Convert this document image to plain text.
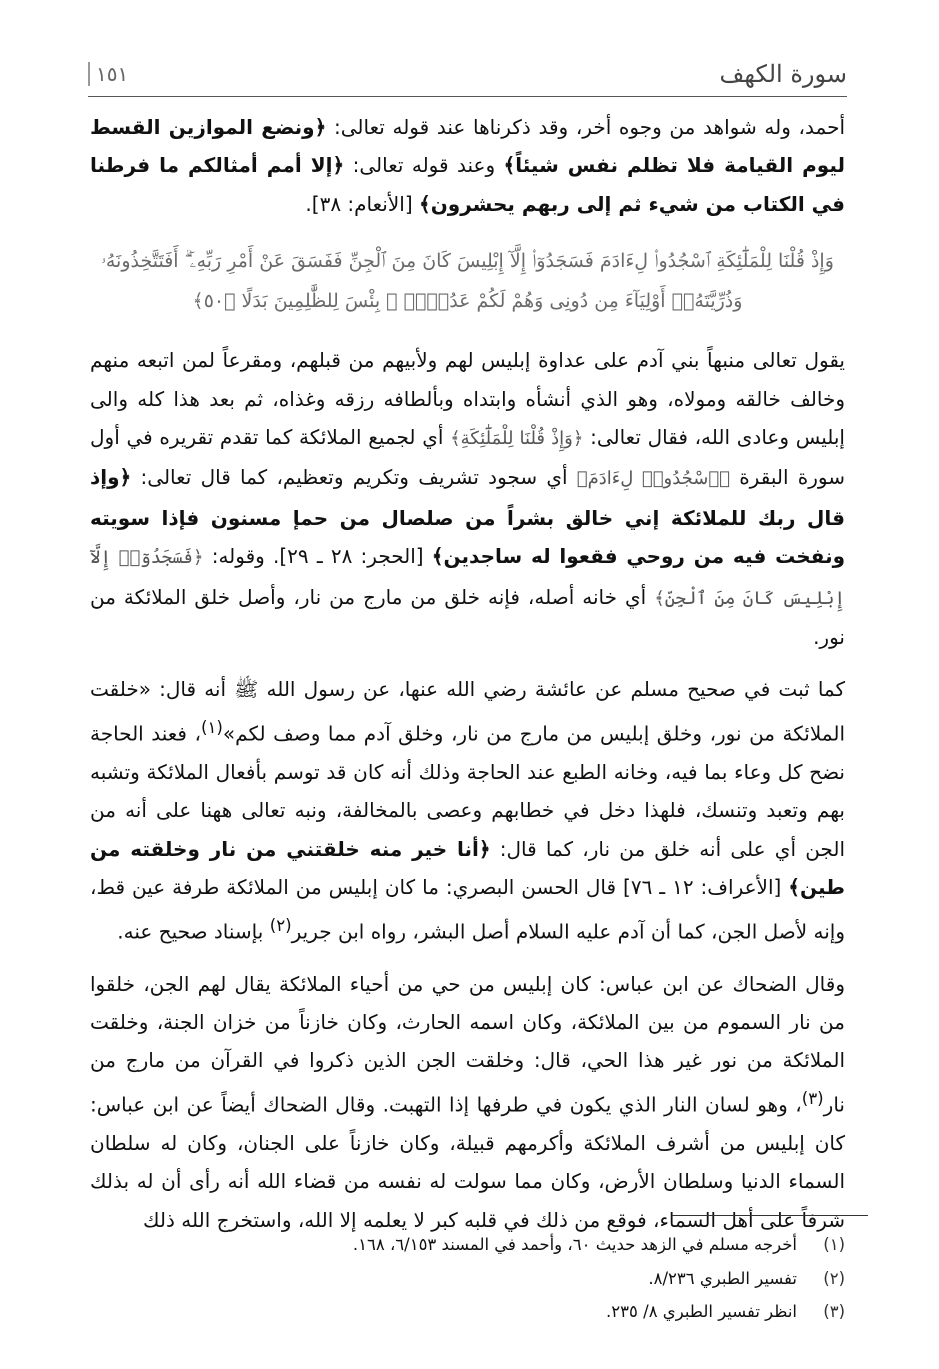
سورة الكهف
١٥١

أحمد، وله شواهد من وجوه أخر، وقد ذكرناها عند قوله تعالى: ﴿ونضع الموازين القسط ليوم القيامة فلا تظلم نفس شيئاً﴾ وعند قوله تعالى: ﴿إلا أمم أمثالكم ما فرطنا في الكتاب من شيء ثم إلى ربهم يحشرون﴾ [الأنعام: ٣٨].

وَإِذْ قُلْنَا لِلْمَلَٰٓئِكَةِ ٱسْجُدُوا۟ لِءَادَمَ فَسَجَدُوٓا۟ إِلَّآ إِبْلِيسَ كَانَ مِنَ ٱلْجِنِّ فَفَسَقَ عَنْ أَمْرِ رَبِّهِۦٓ ۗ أَفَتَتَّخِذُونَهُۥ
وَذُرِّيَّتَهُۥٓ أَوْلِيَآءَ مِن دُونِى وَهُمْ لَكُمْ عَدُوٌّۢ ۚ بِئْسَ لِلظَّٰلِمِينَ بَدَلًا ﴿٥٠﴾

يقول تعالى منبهاً بني آدم على عداوة إبليس لهم ولأبيهم من قبلهم، ومقرعاً لمن اتبعه منهم وخالف خالقه ومولاه، وهو الذي أنشأه وابتداه وبألطافه رزقه وغذاه، ثم بعد هذا كله والى إبليس وعادى الله، فقال تعالى: ﴿وَإِذْ قُلْنَا لِلْمَلَٰٓئِكَةِ﴾ أي لجميع الملائكة كما تقدم تقريره في أول سورة البقرة ﴿ٱسْجُدُوا۟ لِءَادَمَ﴾ أي سجود تشريف وتكريم وتعظيم، كما قال تعالى: ﴿وإذ قال ربك للملائكة إني خالق بشراً من صلصال من حمإ مسنون فإذا سويته ونفخت فيه من روحي فقعوا له ساجدين﴾ [الحجر: ٢٨ ـ ٢٩]. وقوله: ﴿فَسَجَدُوٓا۟ إِلَّآ إِبْلِيسَ كَانَ مِنَ ٱلْجِنِّ﴾ أي خانه أصله، فإنه خلق من مارج من نار، وأصل خلق الملائكة من نور.

كما ثبت في صحيح مسلم عن عائشة رضي الله عنها، عن رسول الله ﷺ أنه قال: «خلقت الملائكة من نور، وخلق إبليس من مارج من نار، وخلق آدم مما وصف لكم»$^{(١)}$، فعند الحاجة نضح كل وعاء بما فيه، وخانه الطبع عند الحاجة وذلك أنه كان قد توسم بأفعال الملائكة وتشبه بهم وتعبد وتنسك، فلهذا دخل في خطابهم وعصى بالمخالفة، ونبه تعالى ههنا على أنه من الجن أي على أنه خلق من نار، كما قال: ﴿أنا خير منه خلقتني من نار وخلقته من طين﴾ [الأعراف: ١٢ ـ ٧٦] قال الحسن البصري: ما كان إبليس من الملائكة طرفة عين قط، وإنه لأصل الجن، كما أن آدم عليه السلام أصل البشر، رواه ابن جرير$^{(٢)}$ بإسناد صحيح عنه.

وقال الضحاك عن ابن عباس: كان إبليس من حي من أحياء الملائكة يقال لهم الجن، خلقوا من نار السموم من بين الملائكة، وكان اسمه الحارث، وكان خازناً من خزان الجنة، وخلقت الملائكة من نور غير هذا الحي، قال: وخلقت الجن الذين ذكروا في القرآن من مارج من نار$^{(٣)}$، وهو لسان النار الذي يكون في طرفها إذا التهبت. وقال الضحاك أيضاً عن ابن عباس: كان إبليس من أشرف الملائكة وأكرمهم قبيلة، وكان خازناً على الجنان، وكان له سلطان السماء الدنيا وسلطان الأرض، وكان مما سولت له نفسه من قضاء الله أنه رأى أن له بذلك شرفاً على أهل السماء، فوقع من ذلك في قلبه كبر لا يعلمه إلا الله، واستخرج الله ذلك

(١)
أخرجه مسلم في الزهد حديث ٦٠، وأحمد في المسند ٦/١٥٣، ١٦٨.
(٢)
تفسير الطبري ٨/٢٣٦.
(٣)
انظر تفسير الطبري ٨/ ٢٣٥.
